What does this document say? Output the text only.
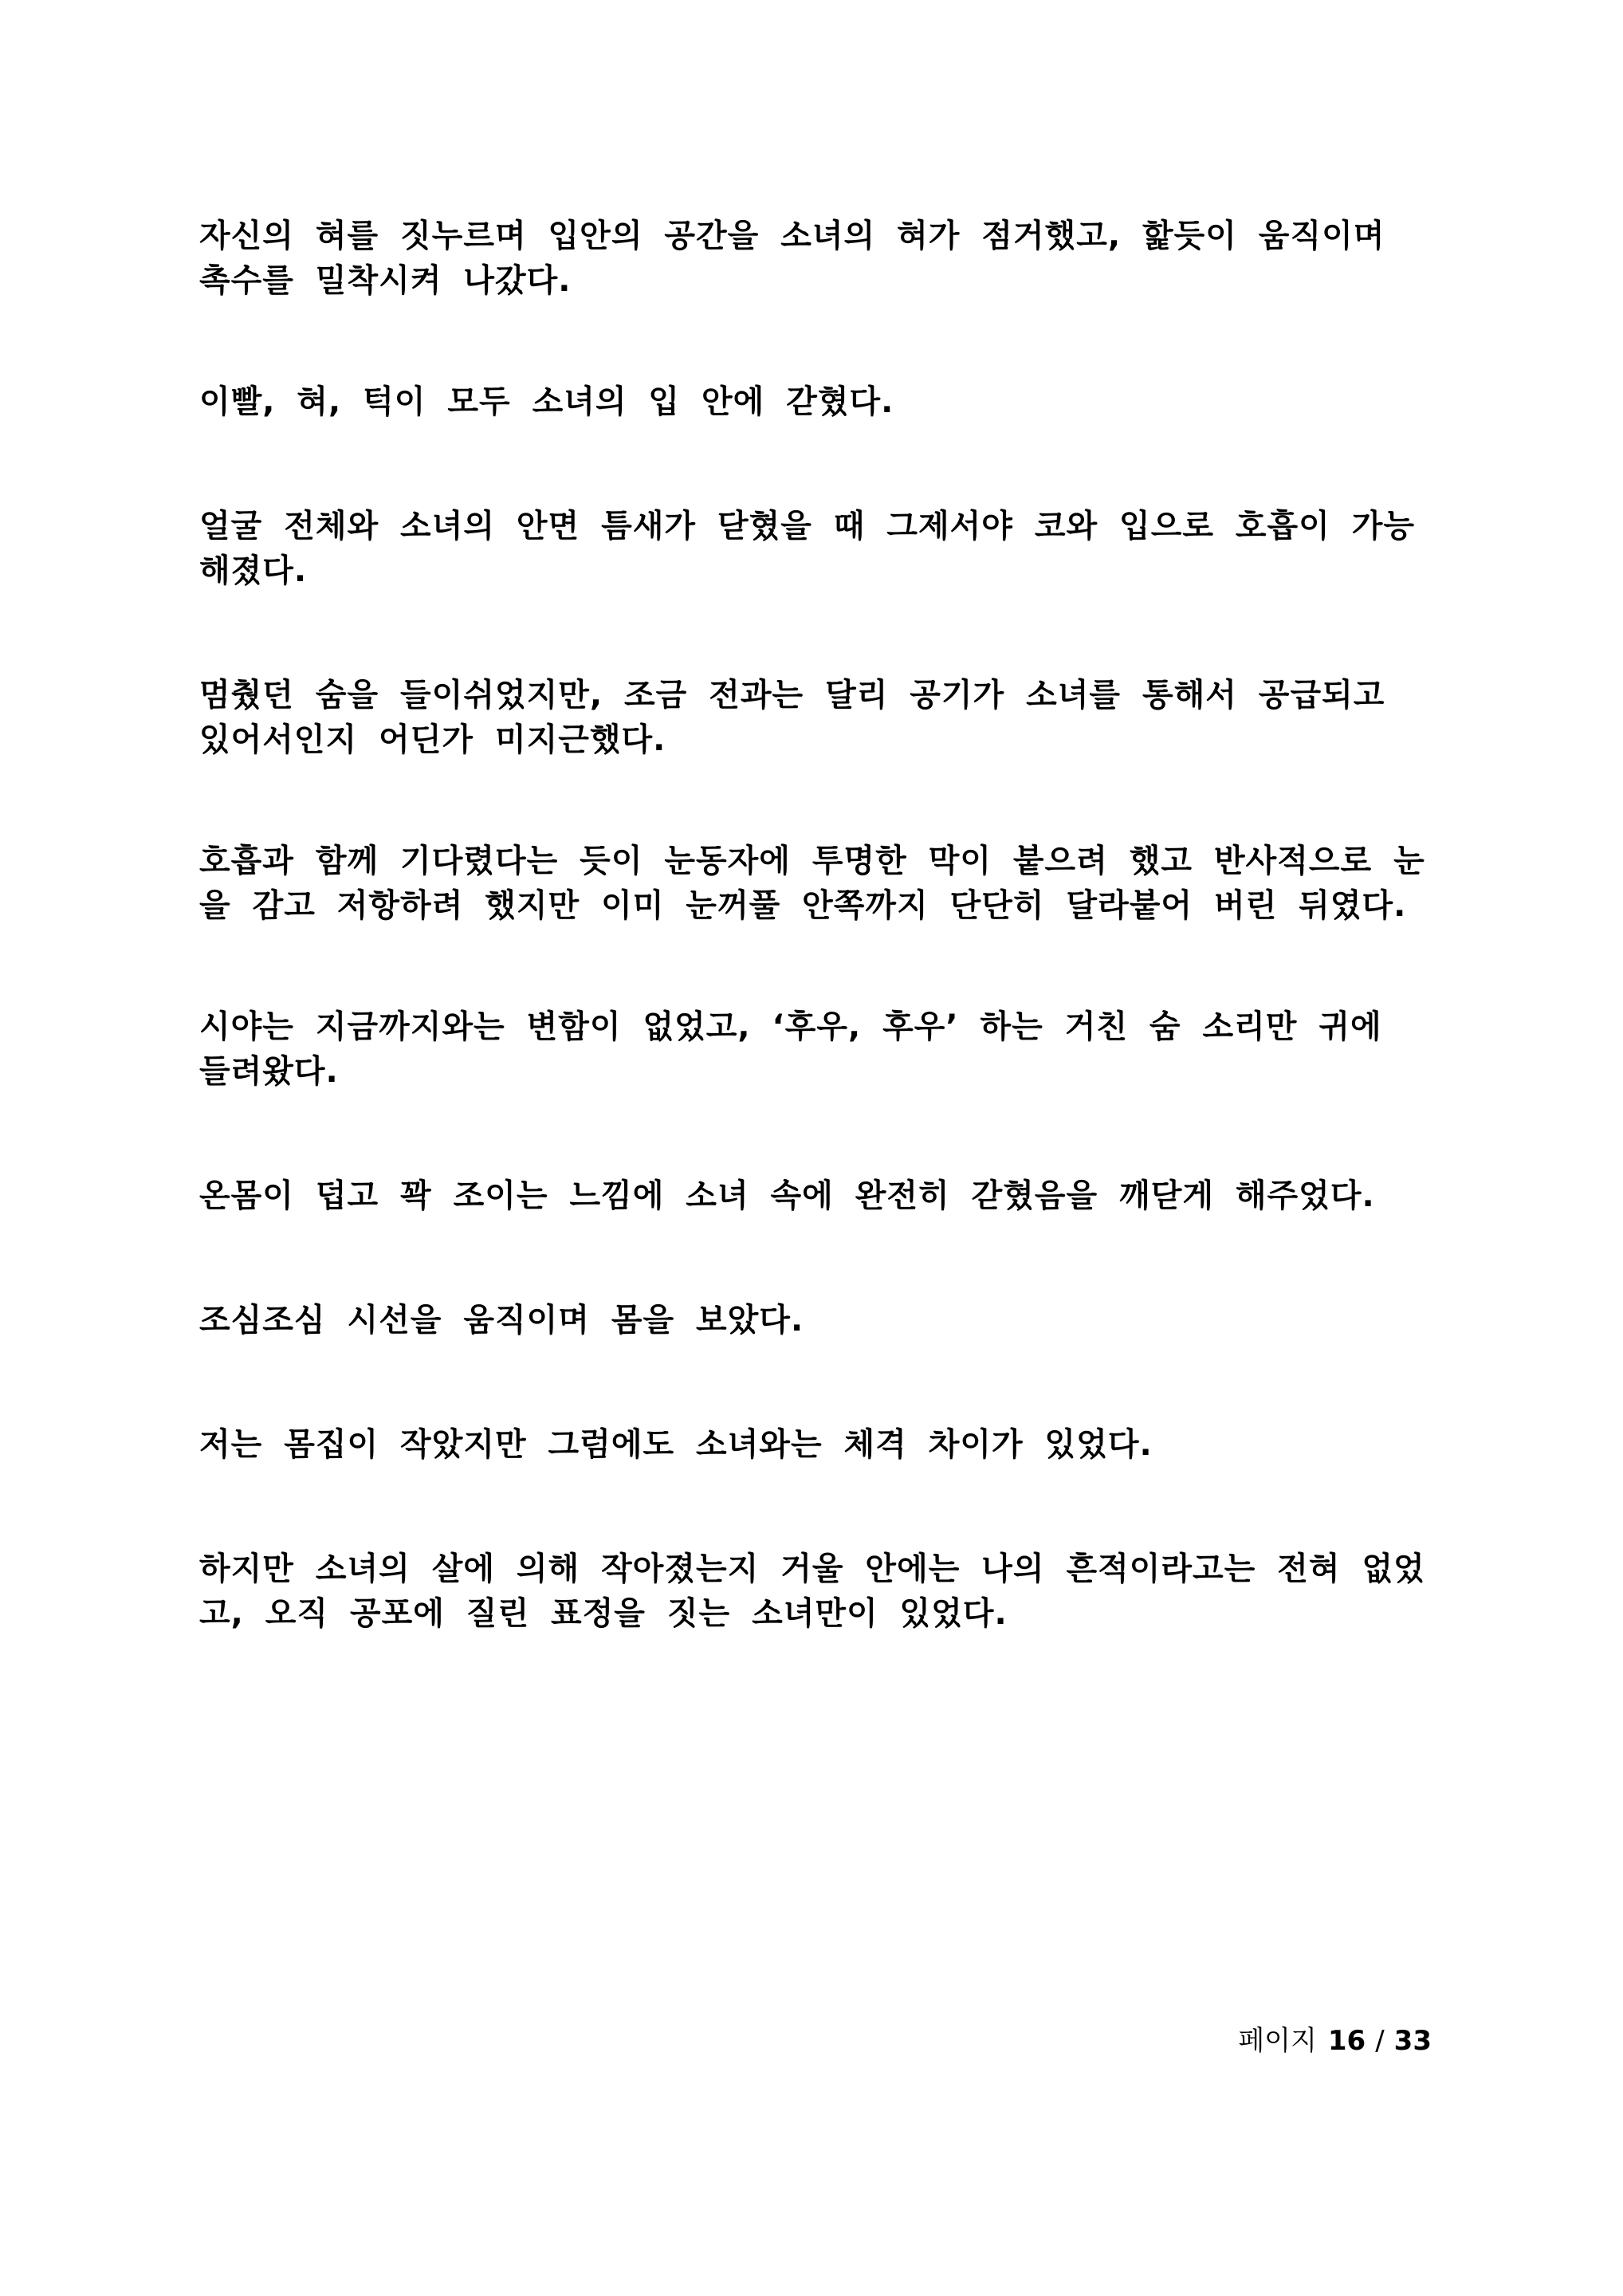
자신의 혀를 짓누르며 입안의 공간을 소녀의 혀가 점거했고, 핥듯이 움직이며 촉수를 밀착시켜 나갔다.

이빨, 혀, 턱이 모두 소녀의 입 안에 갇혔다.

얼굴 전체와 소녀의 안면 틈새가 닫혔을 때 그제서야 코와 입으로 호흡이 가능해졌다.

멈췄던 숨을 들이쉬었지만, 조금 전과는 달리 공기가 소녀를 통해서 공급되고 있어서인지 어딘가 미지근했다.

호흡과 함께 기다렸다는 듯이 눈동자에 투명한 막이 붙으려 했고 반사적으로 눈을 감고 저항하려 했지만 이미 눈꺼풀 안쪽까지 단단히 달라붙어 버린 뒤였다.

시야는 지금까지와는 변함이 없었고, ‘후우, 후우’ 하는 거친 숨 소리만 귀에 들려왔다.

온몸이 덥고 꽉 조이는 느낌에 소녀 속에 완전히 갇혔음을 깨닫게 해주었다.

조심조심 시선을 움직이며 몸을 보았다.

저는 몸집이 작았지만 그럼에도 소녀와는 체격 차이가 있었다.

하지만 소녀의 살에 의해 작아졌는지 거울 안에는 나의 흔적이라고는 전혀 없었고, 오직 공포에 질린 표정을 짓는 소녀만이 있었다.

페이지 16 / 33
